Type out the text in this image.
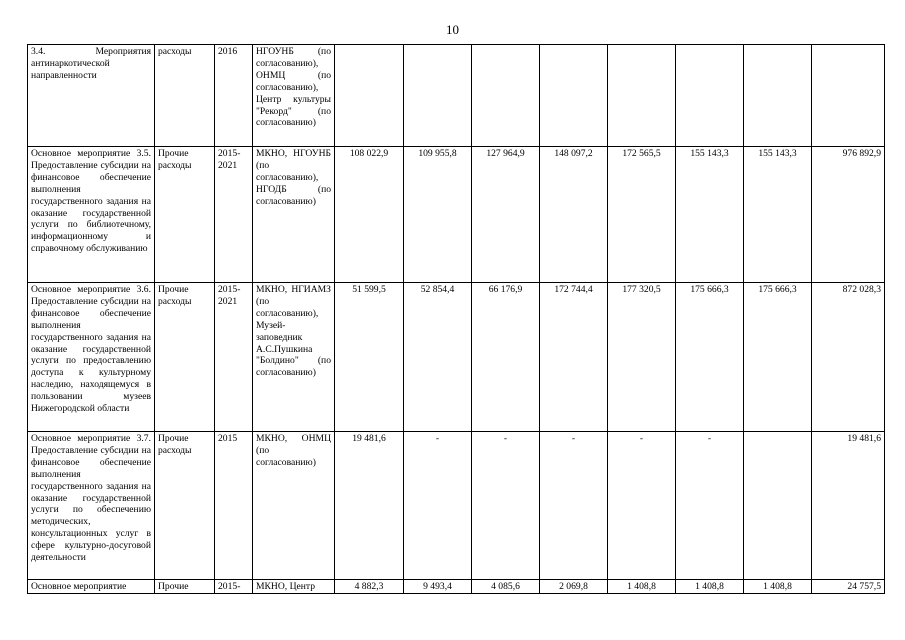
10
3.4. Мероприятия антинаркотической направленности	расходы	2016	НГОУНБ (по согласованию), ОНМЦ (по согласованию), Центр культуры "Рекорд" (по согласованию)								
Основное мероприятие 3.5. Предоставление субсидии на финансовое обеспечение выполнения государственного задания на оказание государственной услуги по библиотечному, информационному и справочному обслуживанию	Прочие расходы	2015-2021	МКНО, НГОУНБ (по согласованию), НГОДБ (по согласованию)	108 022,9	109 955,8	127 964,9	148 097,2	172 565,5	155 143,3	155 143,3	976 892,9
Основное мероприятие 3.6. Предоставление субсидии на финансовое обеспечение выполнения государственного задания на оказание государственной услуги по предоставлению доступа к культурному наследию, находящемуся в пользовании музеев Нижегородской области	Прочие расходы	2015-2021	МКНО, НГИАМЗ (по согласованию), Музей-заповедник А.С.Пушкина "Болдино" (по согласованию)	51 599,5	52 854,4	66 176,9	172 744,4	177 320,5	175 666,3	175 666,3	872 028,3
Основное мероприятие 3.7. Предоставление субсидии на финансовое обеспечение выполнения государственного задания на оказание государственной услуги по обеспечению методических, консультационных услуг в сфере культурно-досуговой деятельности	Прочие расходы	2015	МКНО, ОНМЦ (по согласованию)	19 481,6	-	-	-	-	-		19 481,6
Основное мероприятие	Прочие	2015-	МКНО, Центр	4 882,3	9 493,4	4 085,6	2 069,8	1 408,8	1 408,8	1 408,8	24 757,5
